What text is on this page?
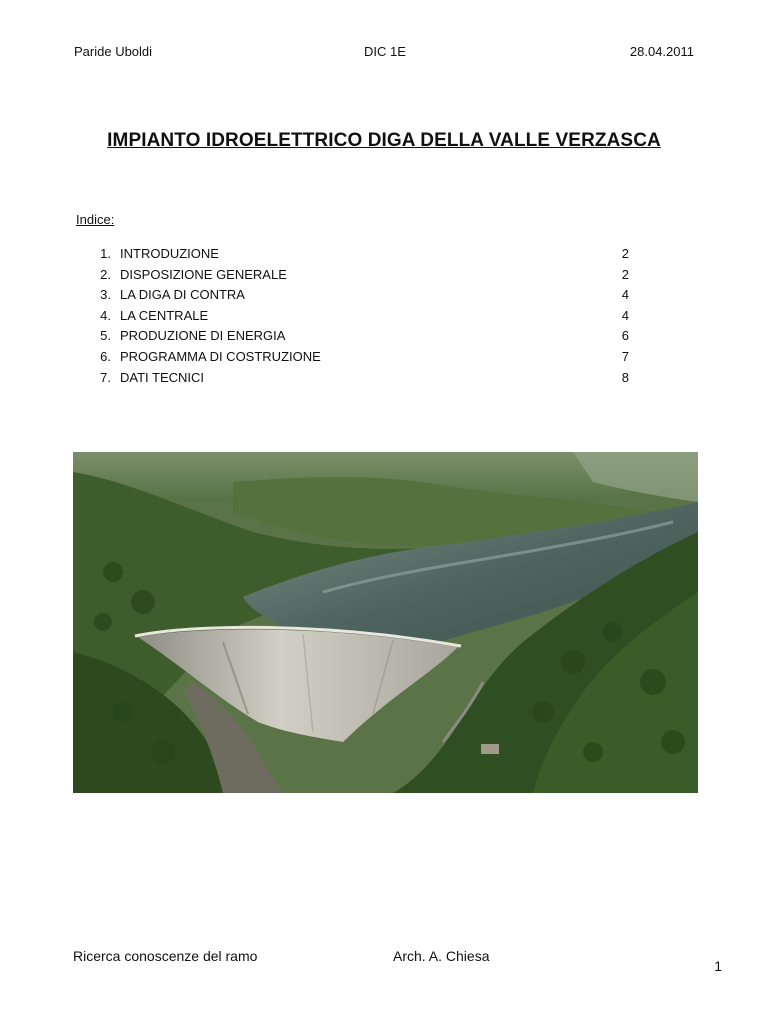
Paride Uboldi	DIC 1E	28.04.2011
IMPIANTO IDROELETTRICO DIGA DELLA VALLE VERZASCA
Indice:
1. INTRODUZIONE	2
2. DISPOSIZIONE GENERALE	2
3. LA DIGA DI CONTRA	4
4. LA CENTRALE	4
5. PRODUZIONE DI ENERGIA	6
6. PROGRAMMA DI COSTRUZIONE	7
7. DATI TECNICI	8
Ricerca conoscenze del ramo	Arch. A. Chiesa
1
